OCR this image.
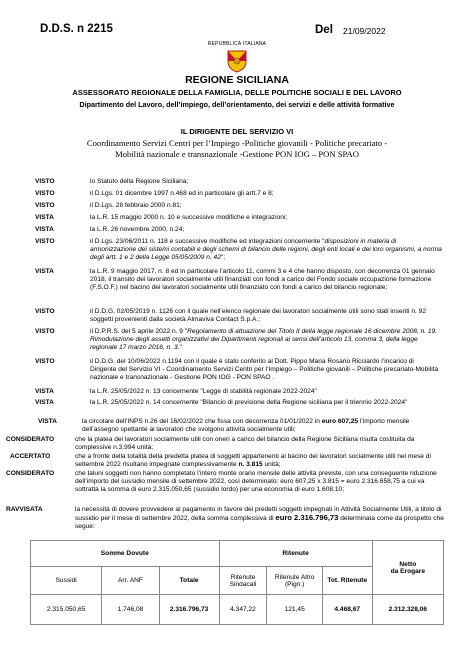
D.D.S. n 2215	Del 21/09/2022
REPUBBLICA ITALIANA
REGIONE SICILIANA
ASSESSORATO REGIONALE DELLA FAMIGLIA, DELLE POLITICHE SOCIALI E DEL LAVORO
Dipartimento del Lavoro, dell’impiego, dell’orientamento, dei servizi e delle attività formative
IL DIRIGENTE DEL SERVIZIO VI
Coordinamento Servizi Centri per l’Impiego -Politiche giovanili - Politiche precariato -
Mobilità nazionale e transnazionale -Gestione PON IOG – PON SPAO
VISTO	lo Statuto della Regione Siciliana;
VISTO	il D.Lgs. 01 dicembre 1997 n.468 ed in particolare gli artt.7 e 8;
VISTO	il D.Lgs. 28 febbraio 2000 n.81;
VISTA	la L.R. 15 maggio 2000 n. 10 e successive modifiche e integrazioni;
VISTA	la L.R. 26 novembre 2000, n.24;
VISTO	il D.Lgs. 23/06/2011 n. 118 e successive modifiche ed integrazioni concernente "disposizioni in materia di armonizzazione dei sistemi contabili e degli schemi di bilancio delle regioni, degli enti locali e dei loro organismi, a norma degli artt. 1 e 2 della Legge 05/05/2009 n. 42";
VISTA	la L.R. 9 maggio 2017, n. 8 ed in particolare l’articolo 11, commi 3 e 4 che hanno disposto, con decorrenza 01 gennaio 2018, il transito dei lavoratori socialmente utili finanziati con fondi a carico del Fondo sociale occupazione formazione (F.S.O.F.) nel bacino dei lavoratori socialmente utili finanziato con fondi a carico del bilancio regionale;
VISTO	il D.D.G. 02/05/2019 n. 1126 con il quale nell’elenco regionale dei lavoratori socialmente utili sono stati inseriti n. 92 soggetti provenienti dalla società Almaviva Contact S.p.A.;
VISTO	il D.P.R.S. del 5 aprile 2022 n. 9 "Regolamento di attuazione del Titolo II della legge regionale 16 dicembre 2008, n. 19. Rimodulazione degli assetti organizzativi dei Dipartimenti regionali ai sensi dell’articolo 13, comma 3, della legge regionale 17 marzo 2016, n. 3."
VISTO	il D.D.G. del 10/06/2022 n.1194 con il quale è stato conferito al Dott. Pippo Maria Rosario Ricciardo l’incarico di Dirigente del Servizio VI - Coordinamento Servizi Centri per l’Impiego – Politiche giovanili – Politiche precariato-Mobilità nazionale e transnazionale - Gestione PON IOG - PON SPAO .
VISTA	la L.R. 25/05/2022 n. 13 concernente "Legge di stabilità regionale 2022-2024"
VISTA	la L.R. 25/05/2022 n. 14 concernente "Bilancio di previsione della Regione siciliana per il triennio 2022-2024"
VISTA	la circolare dell’INPS n.26 del 16/02/2022 che fissa con decorrenza 01/01/2022 in euro 607,25 l’importo mensile dell’assegno spettante ai lavoratori che svolgono attività socialmente utili;
CONSIDERATO	che la platea dei lavoratori socialmente utili con oneri a carico del bilancio della Regione Siciliana risulta costituita da complessive n.3.994 unità;
ACCERTATO	che a fronte della totalità della predetta platea di soggetti appartenenti al bacino dei lavoratori socialmente utili nel mese di settembre 2022 risultano impegnate complessivamente n. 3.815 unità;
CONSIDERATO	che taluni soggetti non hanno completato l’intero monte orario mensile delle attività previste, con una conseguente riduzione dell’importo del sussidio mensile di settembre 2022, così determinato: euro 607,25 x 3.815 = euro 2.316.658,75 a cui va sottratta la somma di euro 2.315.050,65 (sussidio lordo) per una economia di euro 1.608,10;
RAVVISATA	la necessità di dovere provvedere al pagamento in favore dei predetti soggetti impegnati in Attività Socialmente Utili, a titolo di sussidio per il mese di settembre 2022, della somma complessiva di euro 2.316.796,73 determinata come da prospetto che segue:
Somme Dovute			Ritenute			Netto
da Erogare
Sussidi	Arr. ANF	Totale	Ritenute Sindacali	Ritenute Altro (Pign.)	Tot. Ritenute	
2.315.050,65	1.746,08	2.316.796,73	4.347,22	121,45	4.468,67	2.312.328,06
